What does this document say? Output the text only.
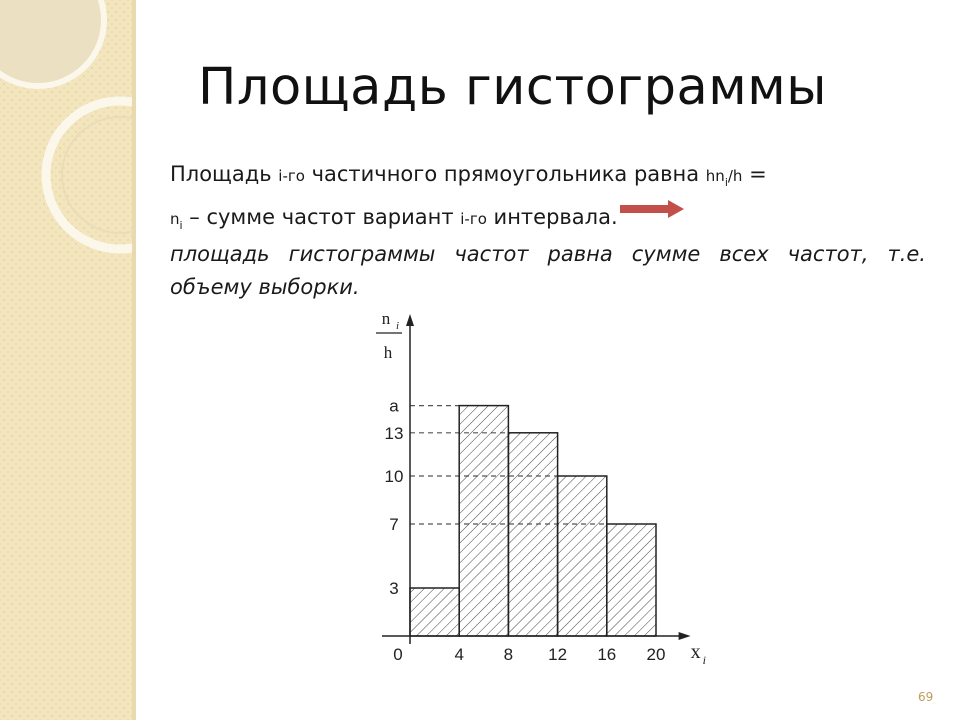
Площадь гистограммы

Площадь i-го частичного прямоугольника равна $hn_i/h$ =
$n_i$ – сумме частот вариант i-го интервала.

площадь гистограммы частот равна сумме всех частот, т.е. объему выборки.

0	4 8 12 16 20
3
7
10
13
a
n i
h
x i
69
